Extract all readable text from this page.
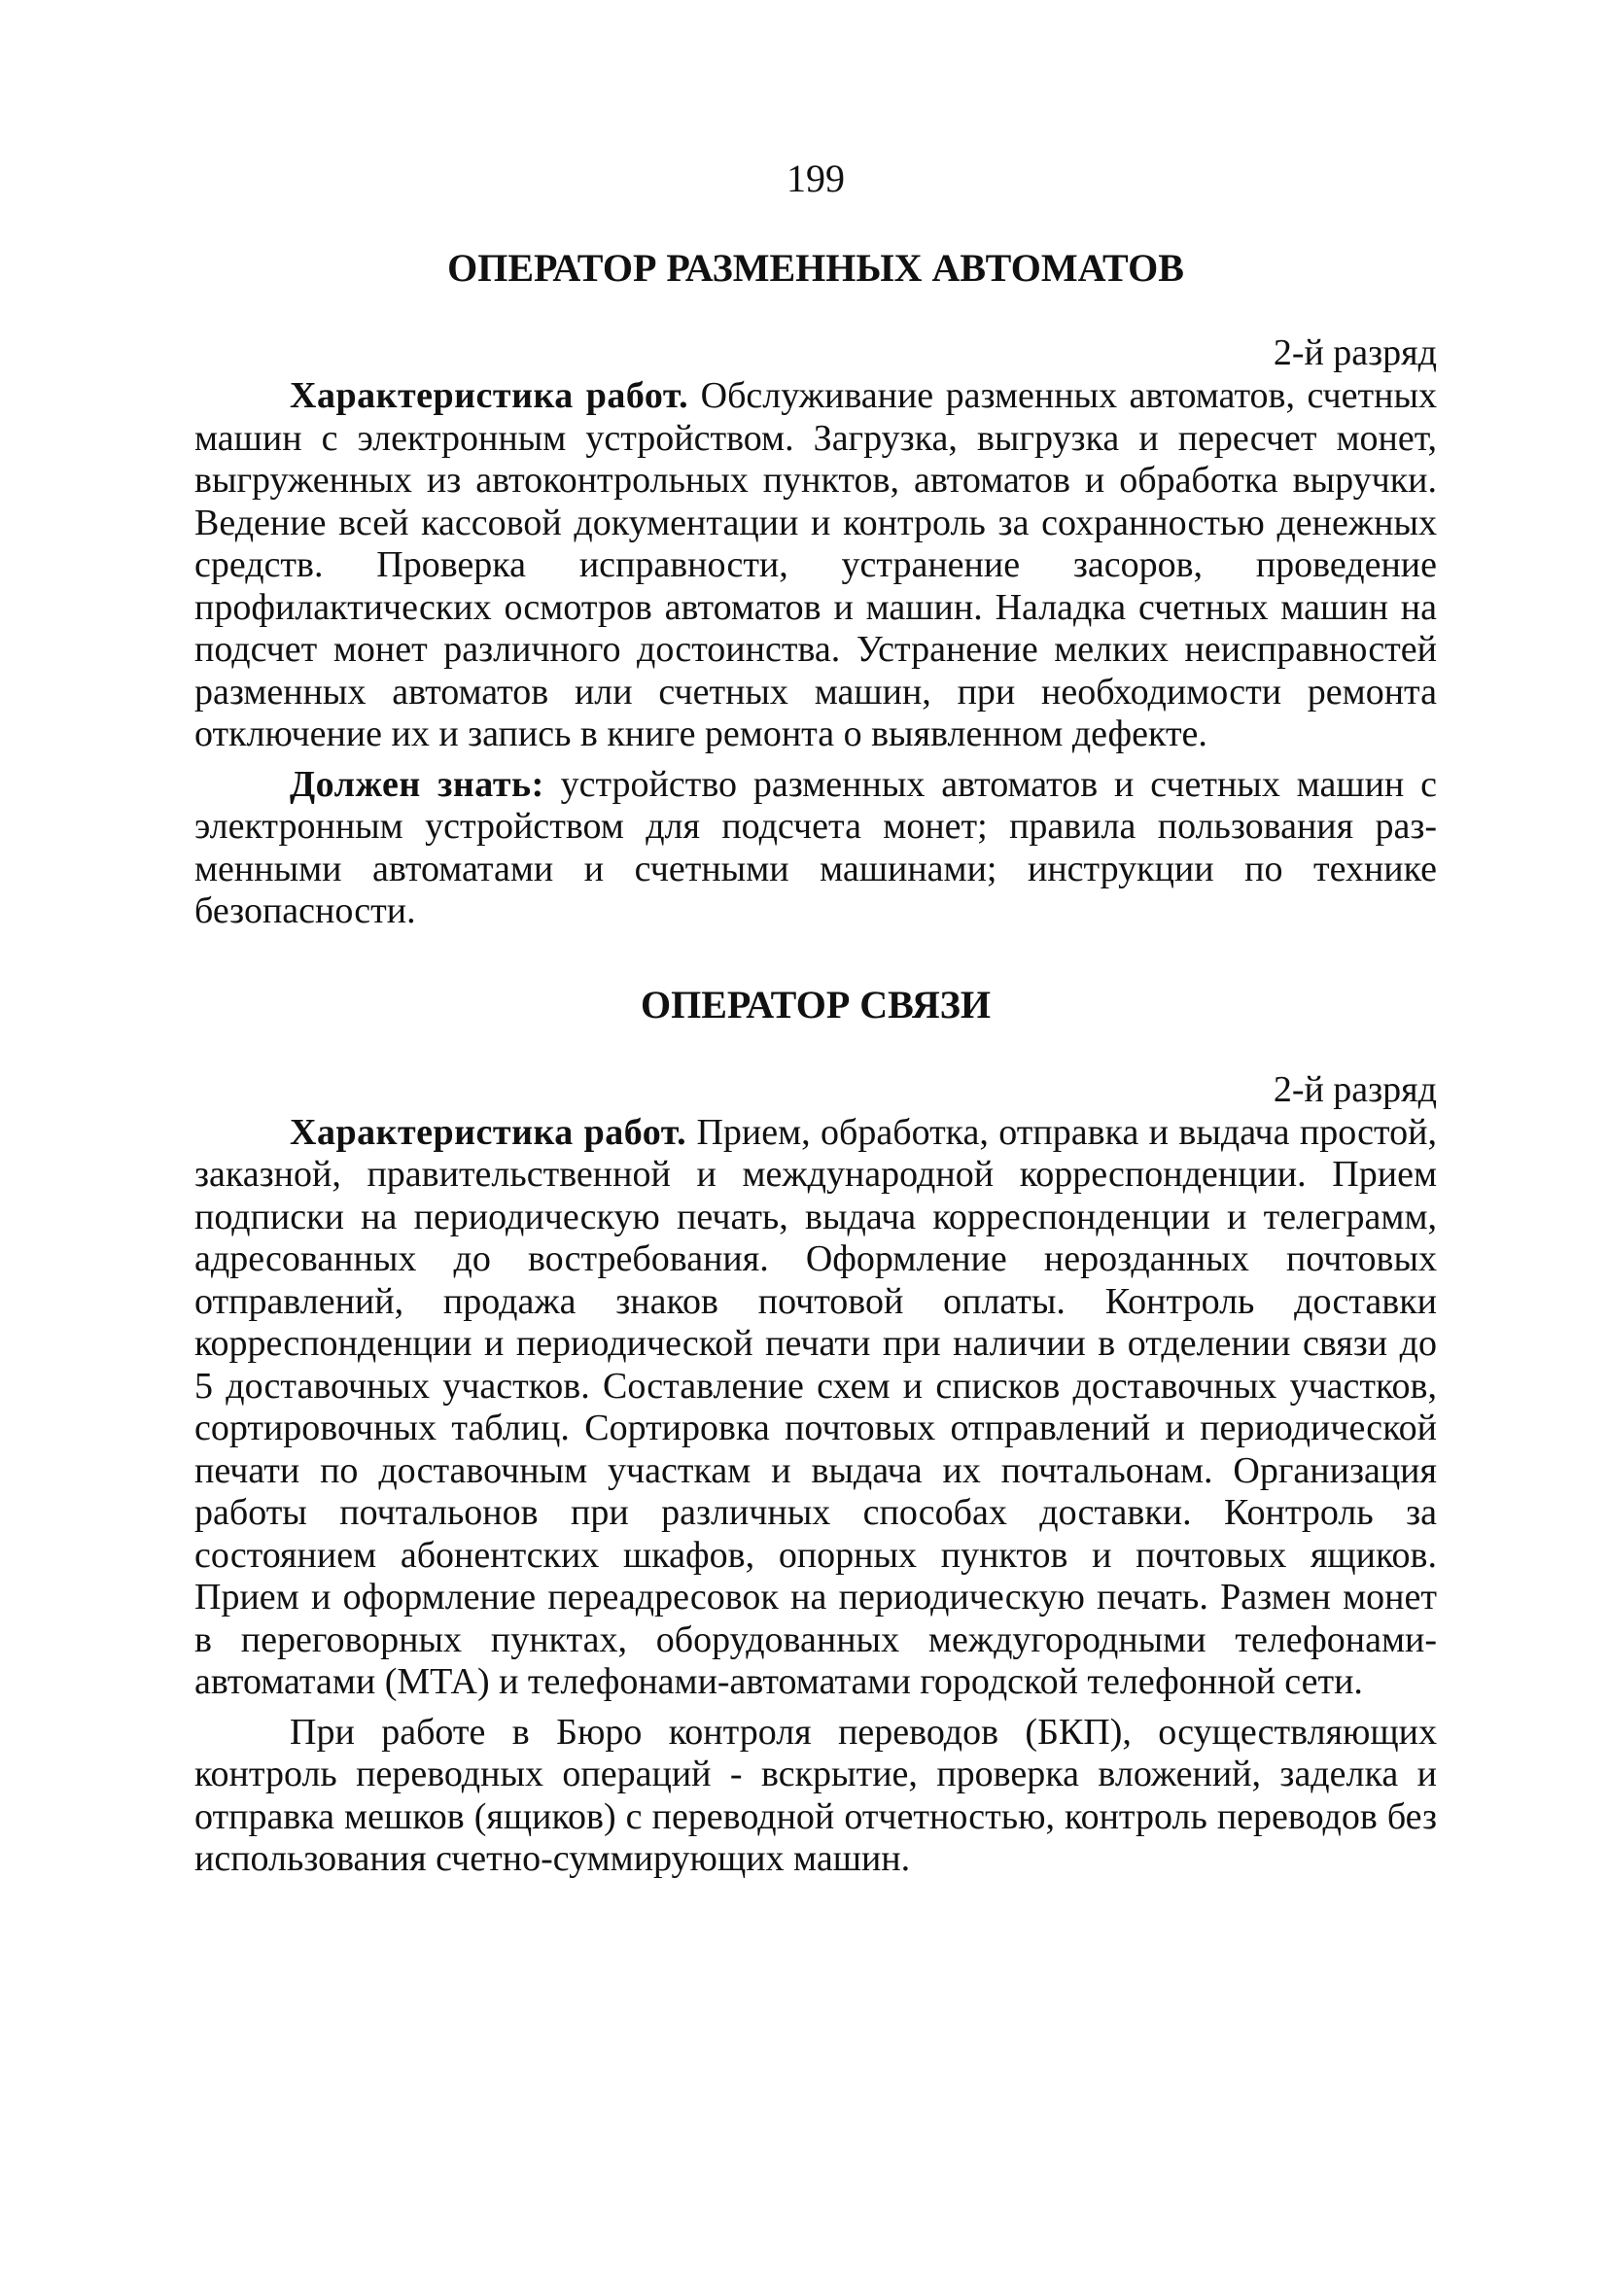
199
ОПЕРАТОР РАЗМЕННЫХ АВТОМАТОВ
2-й разряд

Характеристика работ. Обслуживание разменных автоматов, счетных машин с электронным устройством. Загрузка, выгрузка и пересчет монет, выгруженных из автоконтрольных пунктов, автоматов и обработка выручки. Ведение всей кассовой документации и контроль за сохранностью денежных средств. Проверка исправности, устранение засоров, проведение профилактических осмотров автоматов и машин. Наладка счетных машин на подсчет монет различного достоинства. Устранение мелких неисправностей разменных автоматов или счетных машин, при необходимости ремонта отключение их и запись в книге ремонта о выявленном дефекте.

Должен знать: устройство разменных автоматов и счетных машин с электронным устройством для подсчета монет; правила пользования разменными автоматами и счетными машинами; инструкции по технике безопасности.

ОПЕРАТОР СВЯЗИ
2-й разряд

Характеристика работ. Прием, обработка, отправка и выдача простой, заказной, правительственной и международной корреспонденции. Прием подписки на периодическую печать, выдача корреспонденции и телеграмм, адресованных до востребования. Оформление нерозданных почтовых отправлений, продажа знаков почтовой оплаты. Контроль доставки корреспонденции и периодической печати при наличии в отделении связи до 5 доставочных участков. Составление схем и списков доставочных участков, сортировочных таблиц. Сортировка почтовых отправлений и периодической печати по доставочным участкам и выдача их почтальонам. Организация работы почтальонов при различных способах доставки. Контроль за состоянием абонентских шкафов, опорных пунктов и почтовых ящиков. Прием и оформление переадресовок на периодическую печать. Размен монет в переговорных пунктах, оборудованных междугородными телефонами-автоматами (МТА) и телефонами-автоматами городской телефонной сети.

При работе в Бюро контроля переводов (БКП), осуществляющих контроль переводных операций - вскрытие, проверка вложений, заделка и отправка мешков (ящиков) с переводной отчетностью, контроль переводов без использования счетно-суммирующих машин.
